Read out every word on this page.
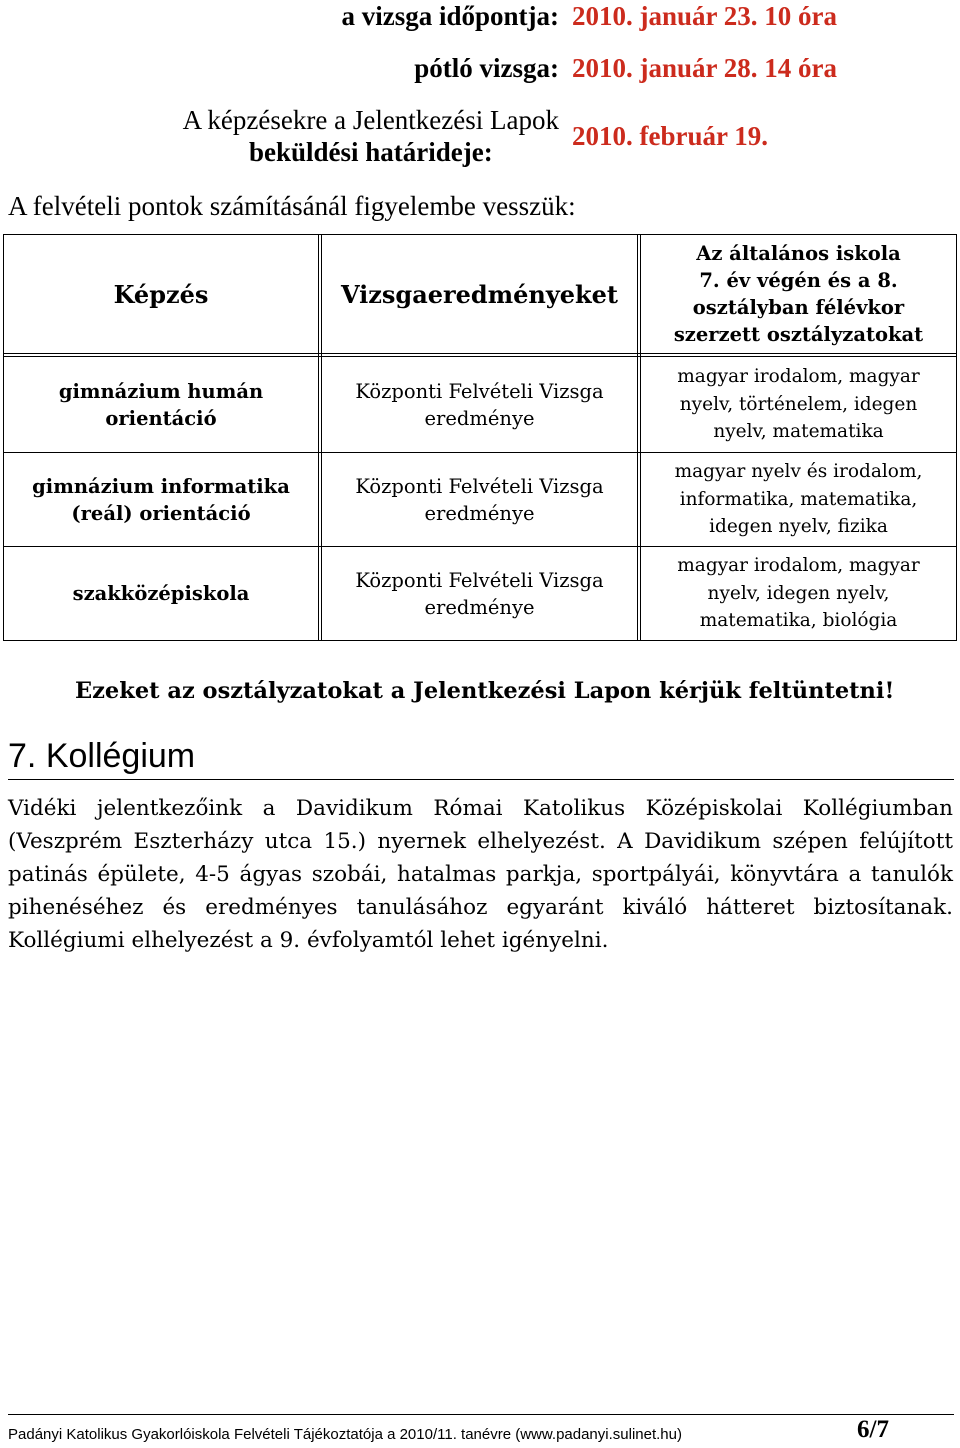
a vizsga időpontja: 2010. január 23. 10 óra
pótló vizsga: 2010. január 28. 14 óra
A képzésekre a Jelentkezési Lapok
beküldési határideje:
2010. február 19.
A felvételi pontok számításánál figyelembe vesszük:
Képzés	Vizsgaeredményeket
Az általános iskola
7. év végén és a 8.
osztályban félévkor
szerzett osztályzatokat
gimnázium humán
orientáció
Központi Felvételi Vizsga
eredménye
magyar irodalom, magyar
nyelv, történelem, idegen
nyelv, matematika
gimnázium informatika
(reál) orientáció
Központi Felvételi Vizsga
eredménye
magyar nyelv és irodalom,
informatika, matematika,
idegen nyelv, fizika
szakközépiskola
Központi Felvételi Vizsga
eredménye
magyar irodalom, magyar
nyelv, idegen nyelv,
matematika, biológia
Ezeket az osztályzatokat a Jelentkezési Lapon kérjük feltüntetni!
7. Kollégium
Vidéki jelentkezőink a Davidikum Római Katolikus Középiskolai Kollégiumban (Veszprém Eszterházy utca 15.) nyernek elhelyezést. A Davidikum szépen felújított patinás épülete, 4-5 ágyas szobái, hatalmas parkja, sportpályái, könyvtára a tanulók pihenéséhez és eredményes tanulásához egyaránt kiváló hátteret biztosítanak. Kollégiumi elhelyezést a 9. évfolyamtól lehet igényelni.
Padányi Katolikus Gyakorlóiskola Felvételi Tájékoztatója a 2010/11. tanévre (www.padanyi.sulinet.hu)	6/7
